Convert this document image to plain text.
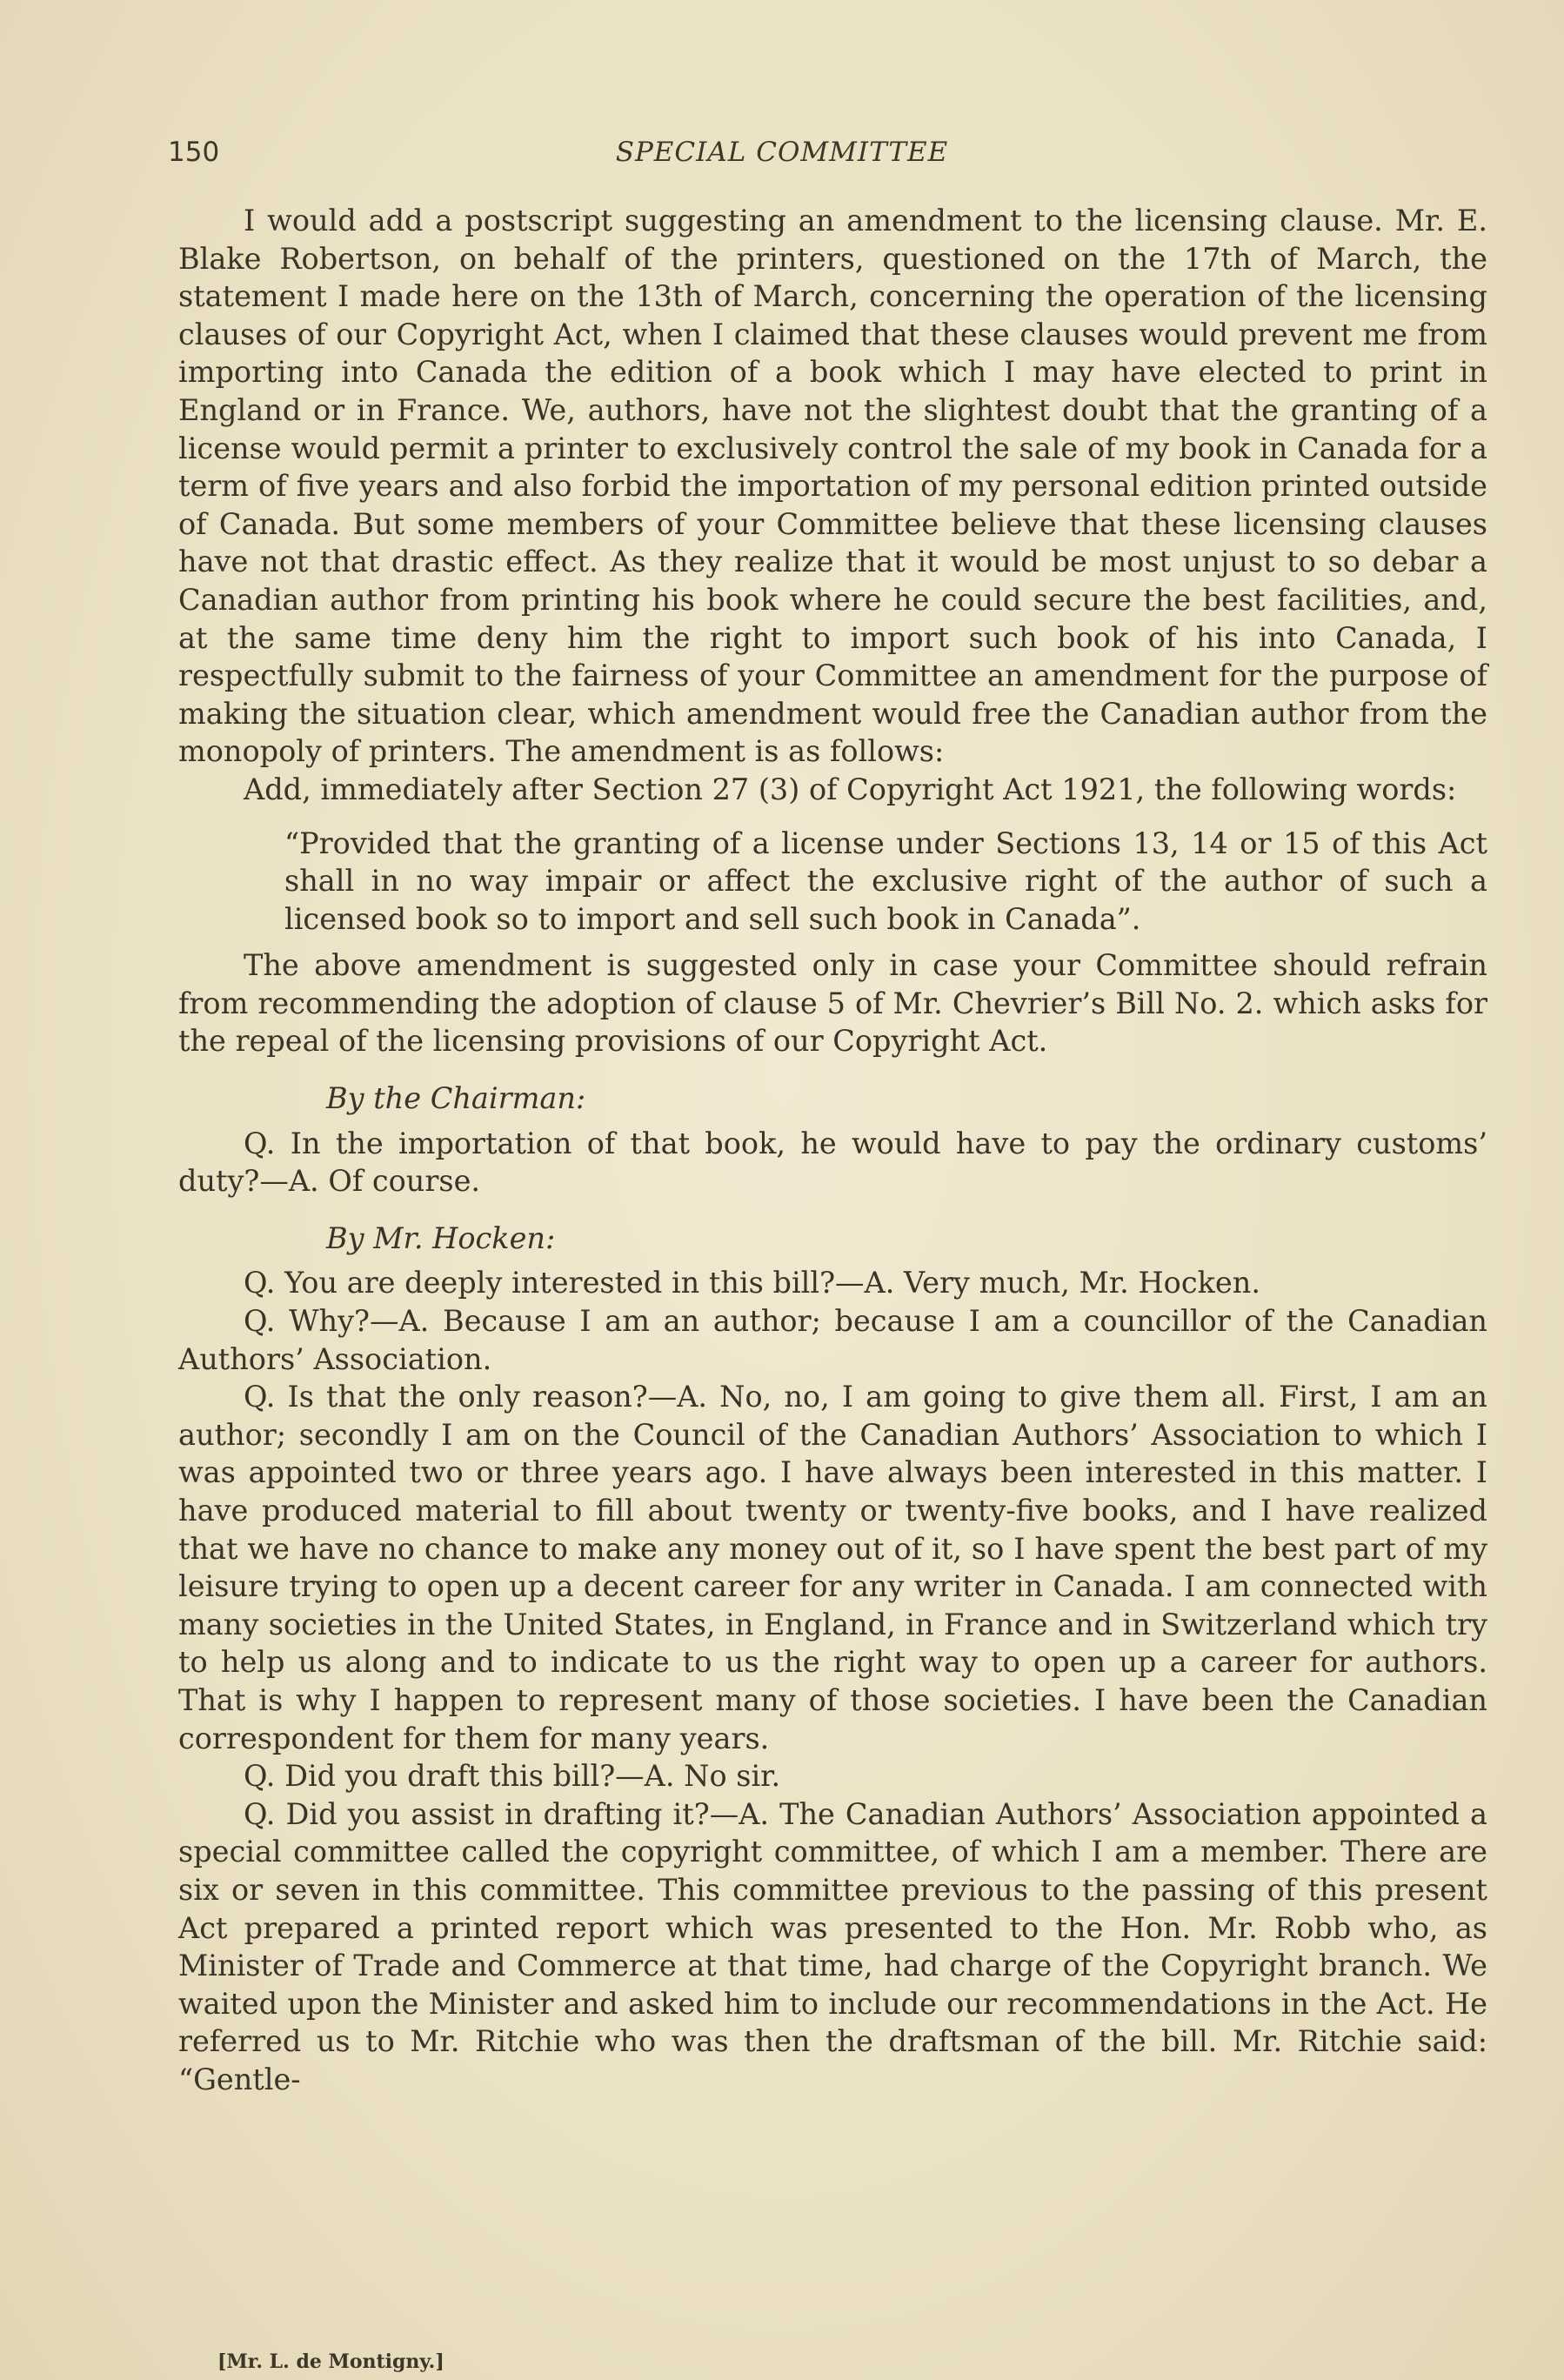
150	SPECIAL COMMITTEE

I would add a postscript suggesting an amendment to the licensing clause. Mr. E. Blake Robertson, on behalf of the printers, questioned on the 17th of March, the statement I made here on the 13th of March, concerning the operation of the licensing clauses of our Copyright Act, when I claimed that these clauses would prevent me from importing into Canada the edition of a book which I may have elected to print in England or in France. We, authors, have not the slightest doubt that the granting of a license would permit a printer to exclusively control the sale of my book in Canada for a term of five years and also forbid the importation of my personal edition printed outside of Canada. But some members of your Committee believe that these licensing clauses have not that drastic effect. As they realize that it would be most unjust to so debar a Canadian author from printing his book where he could secure the best facilities, and, at the same time deny him the right to import such book of his into Canada, I respectfully submit to the fairness of your Committee an amendment for the purpose of making the situation clear, which amendment would free the Canadian author from the monopoly of printers. The amendment is as follows:

Add, immediately after Section 27 (3) of Copyright Act 1921, the following words:

“Provided that the granting of a license under Sections 13, 14 or 15 of this Act shall in no way impair or affect the exclusive right of the author of such a licensed book so to import and sell such book in Canada”.

The above amendment is suggested only in case your Committee should refrain from recommending the adoption of clause 5 of Mr. Chevrier’s Bill No. 2. which asks for the repeal of the licensing provisions of our Copyright Act.

By the Chairman:

Q. In the importation of that book, he would have to pay the ordinary customs’ duty?—A. Of course.

By Mr. Hocken:

Q. You are deeply interested in this bill?—A. Very much, Mr. Hocken.

Q. Why?—A. Because I am an author; because I am a councillor of the Canadian Authors’ Association.

Q. Is that the only reason?—A. No, no, I am going to give them all. First, I am an author; secondly I am on the Council of the Canadian Authors’ Association to which I was appointed two or three years ago. I have always been interested in this matter. I have produced material to fill about twenty or twenty-five books, and I have realized that we have no chance to make any money out of it, so I have spent the best part of my leisure trying to open up a decent career for any writer in Canada. I am connected with many societies in the United States, in England, in France and in Switzerland which try to help us along and to indicate to us the right way to open up a career for authors. That is why I happen to represent many of those societies. I have been the Canadian correspondent for them for many years.

Q. Did you draft this bill?—A. No sir.

Q. Did you assist in drafting it?—A. The Canadian Authors’ Association appointed a special committee called the copyright committee, of which I am a member. There are six or seven in this committee. This committee previous to the passing of this present Act prepared a printed report which was presented to the Hon. Mr. Robb who, as Minister of Trade and Commerce at that time, had charge of the Copyright branch. We waited upon the Minister and asked him to include our recommendations in the Act. He referred us to Mr. Ritchie who was then the draftsman of the bill. Mr. Ritchie said: “Gentle-

[Mr. L. de Montigny.]
